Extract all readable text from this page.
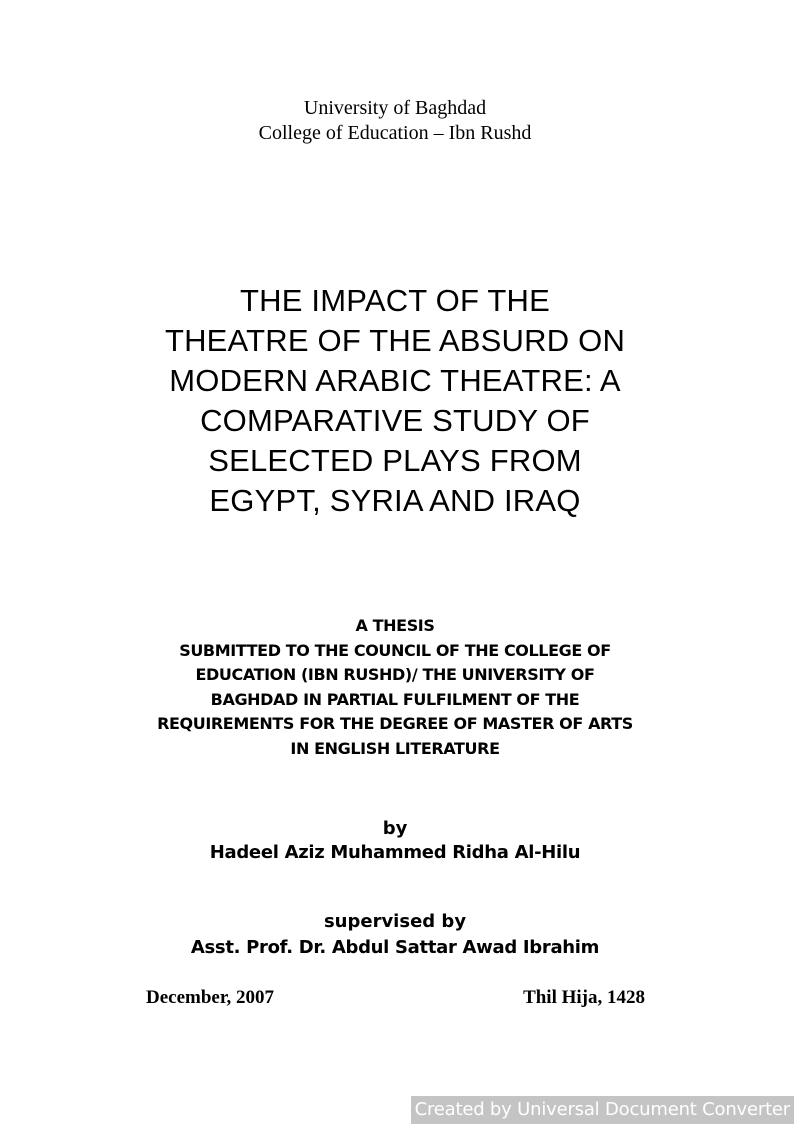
University of Baghdad
College of Education – Ibn Rushd
THE IMPACT OF THE
THEATRE OF THE ABSURD ON
MODERN ARABIC THEATRE: A
COMPARATIVE STUDY OF
SELECTED PLAYS FROM
EGYPT, SYRIA AND IRAQ
A THESIS
SUBMITTED TO THE COUNCIL OF THE COLLEGE OF
EDUCATION (IBN RUSHD)/ THE UNIVERSITY OF
BAGHDAD IN PARTIAL FULFILMENT OF THE
REQUIREMENTS FOR THE DEGREE OF MASTER OF ARTS
IN ENGLISH LITERATURE
by
Hadeel Aziz Muhammed Ridha Al-Hilu
supervised by
Asst. Prof. Dr. Abdul Sattar Awad Ibrahim
December, 2007	Thil Hija, 1428
Created by Universal Document Converter
